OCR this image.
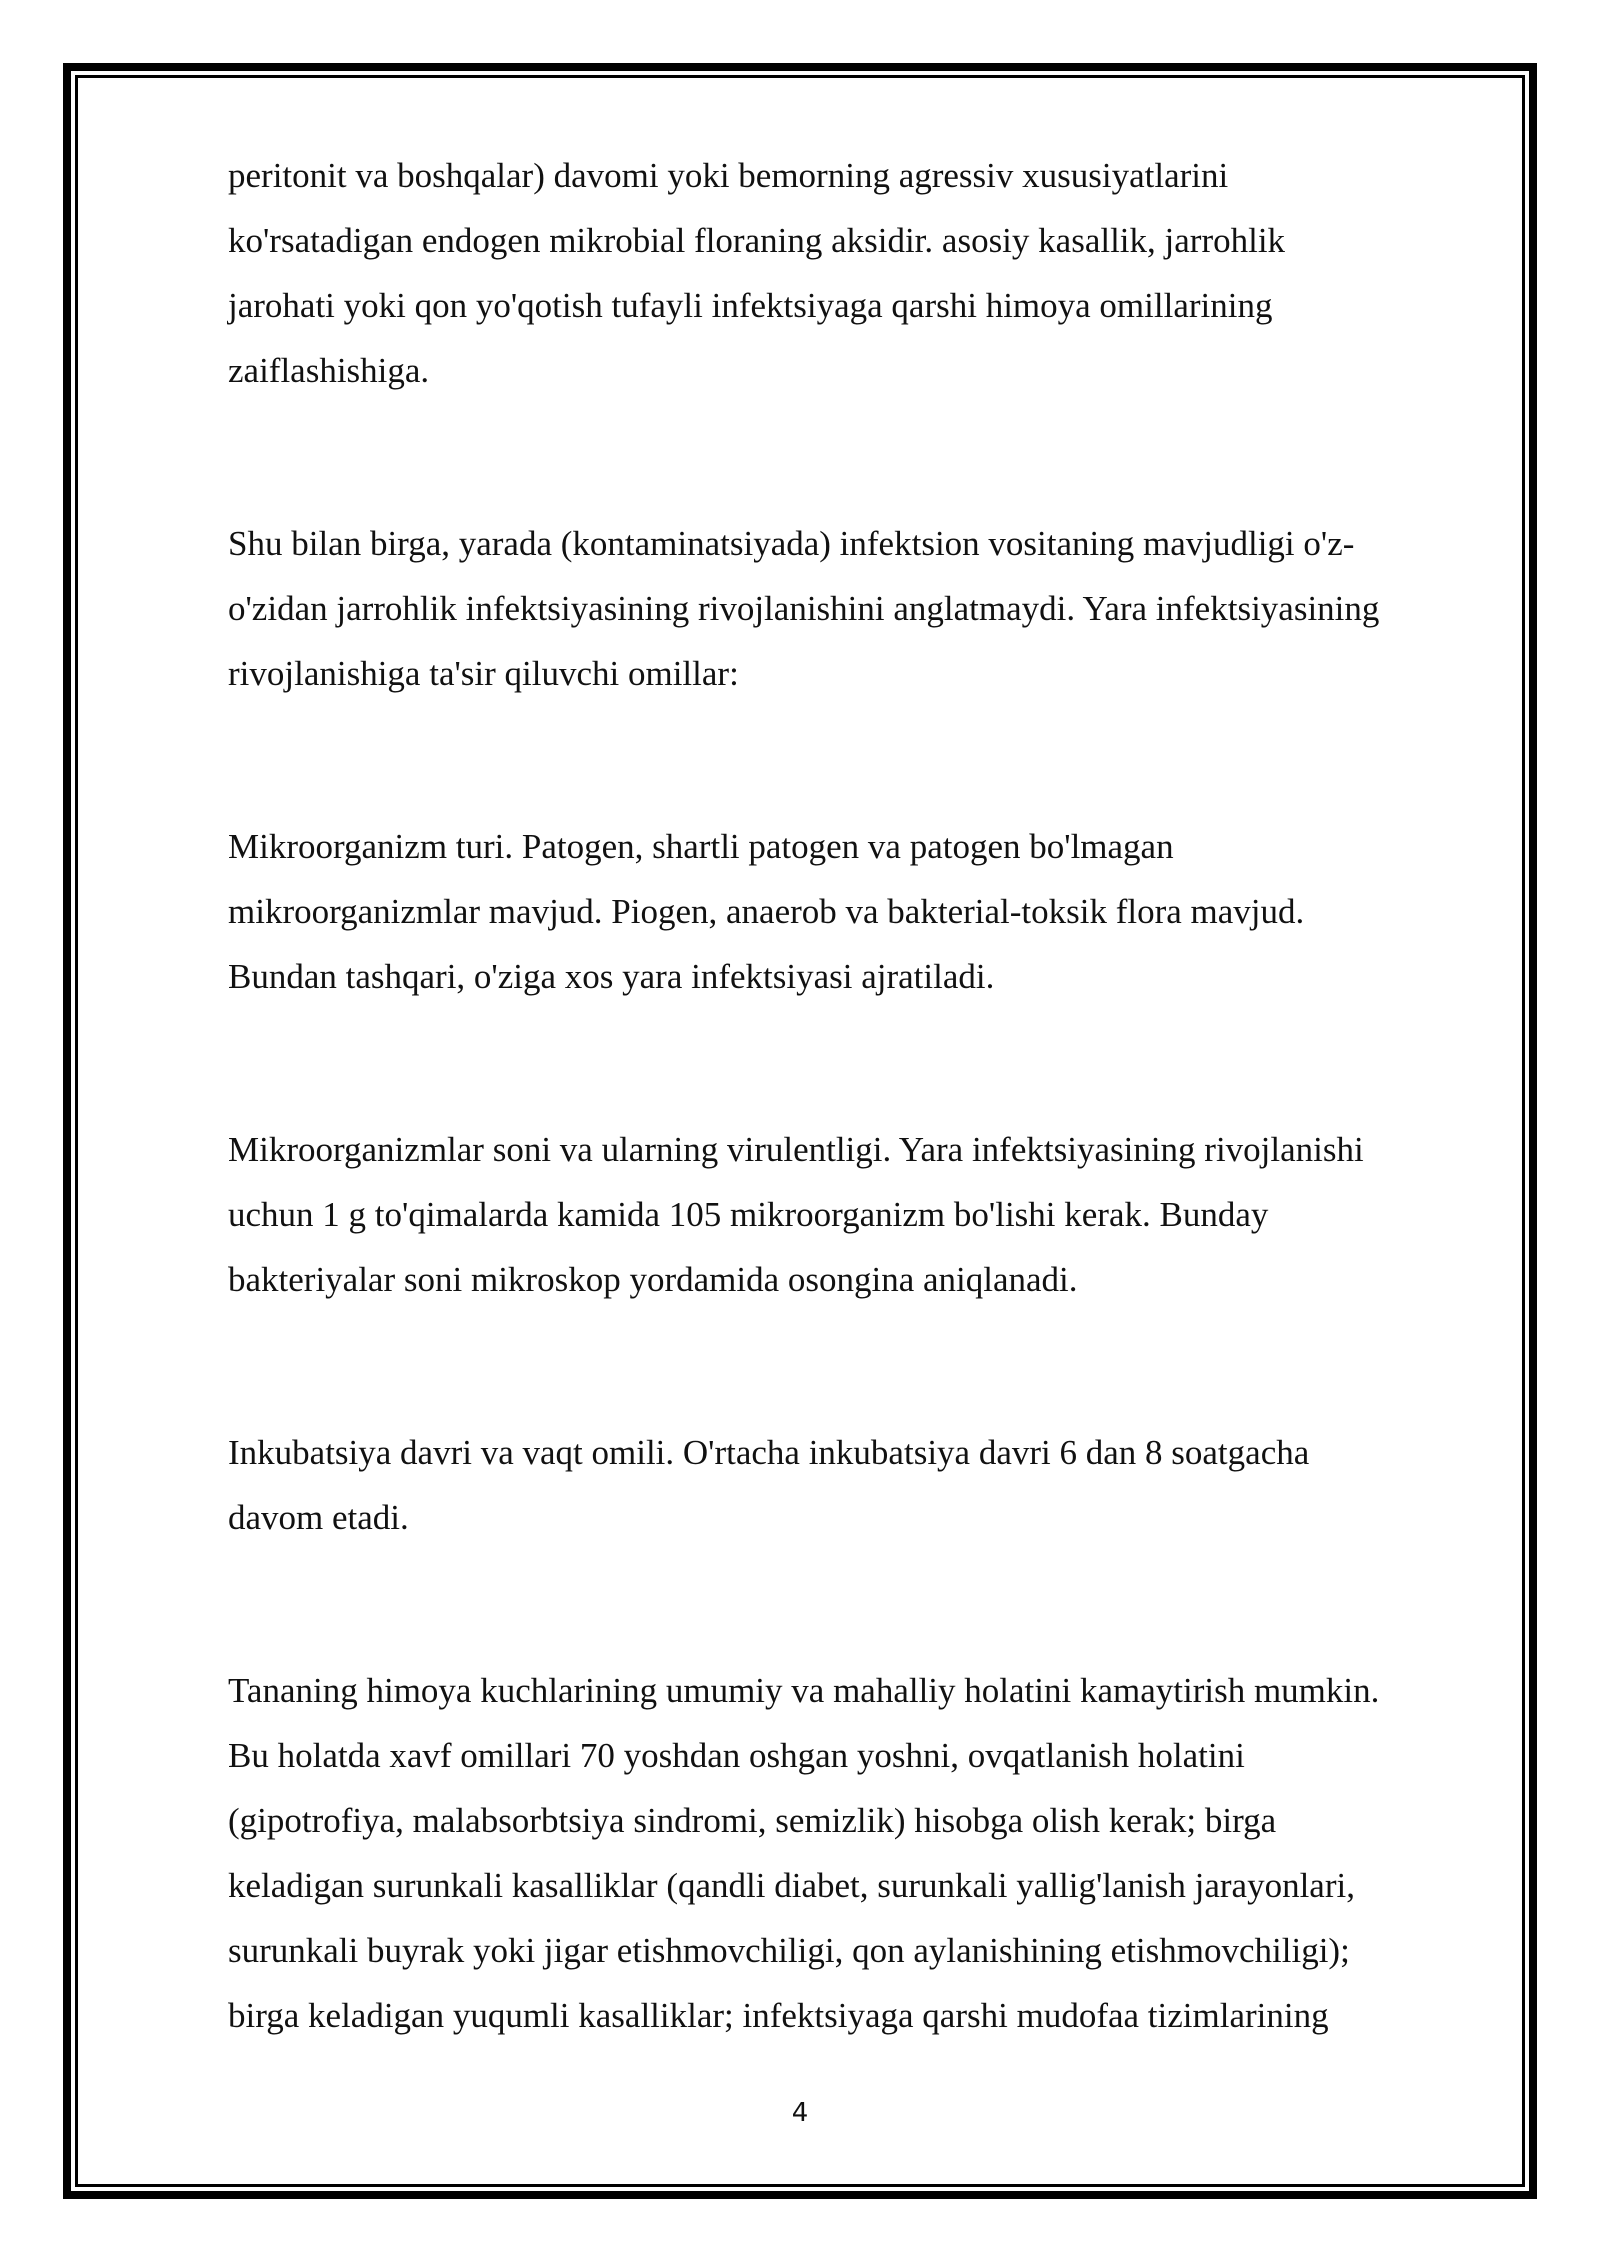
peritonit va boshqalar) davomi yoki bemorning agressiv xususiyatlarini
ko'rsatadigan endogen mikrobial floraning aksidir. asosiy kasallik, jarrohlik
jarohati yoki qon yo'qotish tufayli infektsiyaga qarshi himoya omillarining
zaiflashishiga.

Shu bilan birga, yarada (kontaminatsiyada) infektsion vositaning mavjudligi o'z-
o'zidan jarrohlik infektsiyasining rivojlanishini anglatmaydi. Yara infektsiyasining
rivojlanishiga ta'sir qiluvchi omillar:

Mikroorganizm turi. Patogen, shartli patogen va patogen bo'lmagan
mikroorganizmlar mavjud. Piogen, anaerob va bakterial-toksik flora mavjud.
Bundan tashqari, o'ziga xos yara infektsiyasi ajratiladi.

Mikroorganizmlar soni va ularning virulentligi. Yara infektsiyasining rivojlanishi
uchun 1 g to'qimalarda kamida 105 mikroorganizm bo'lishi kerak. Bunday
bakteriyalar soni mikroskop yordamida osongina aniqlanadi.

Inkubatsiya davri va vaqt omili. O'rtacha inkubatsiya davri 6 dan 8 soatgacha
davom etadi.

Tananing himoya kuchlarining umumiy va mahalliy holatini kamaytirish mumkin.
Bu holatda xavf omillari 70 yoshdan oshgan yoshni, ovqatlanish holatini
(gipotrofiya, malabsorbtsiya sindromi, semizlik) hisobga olish kerak; birga
keladigan surunkali kasalliklar (qandli diabet, surunkali yallig'lanish jarayonlari,
surunkali buyrak yoki jigar etishmovchiligi, qon aylanishining etishmovchiligi);
birga keladigan yuqumli kasalliklar; infektsiyaga qarshi mudofaa tizimlarining

4
